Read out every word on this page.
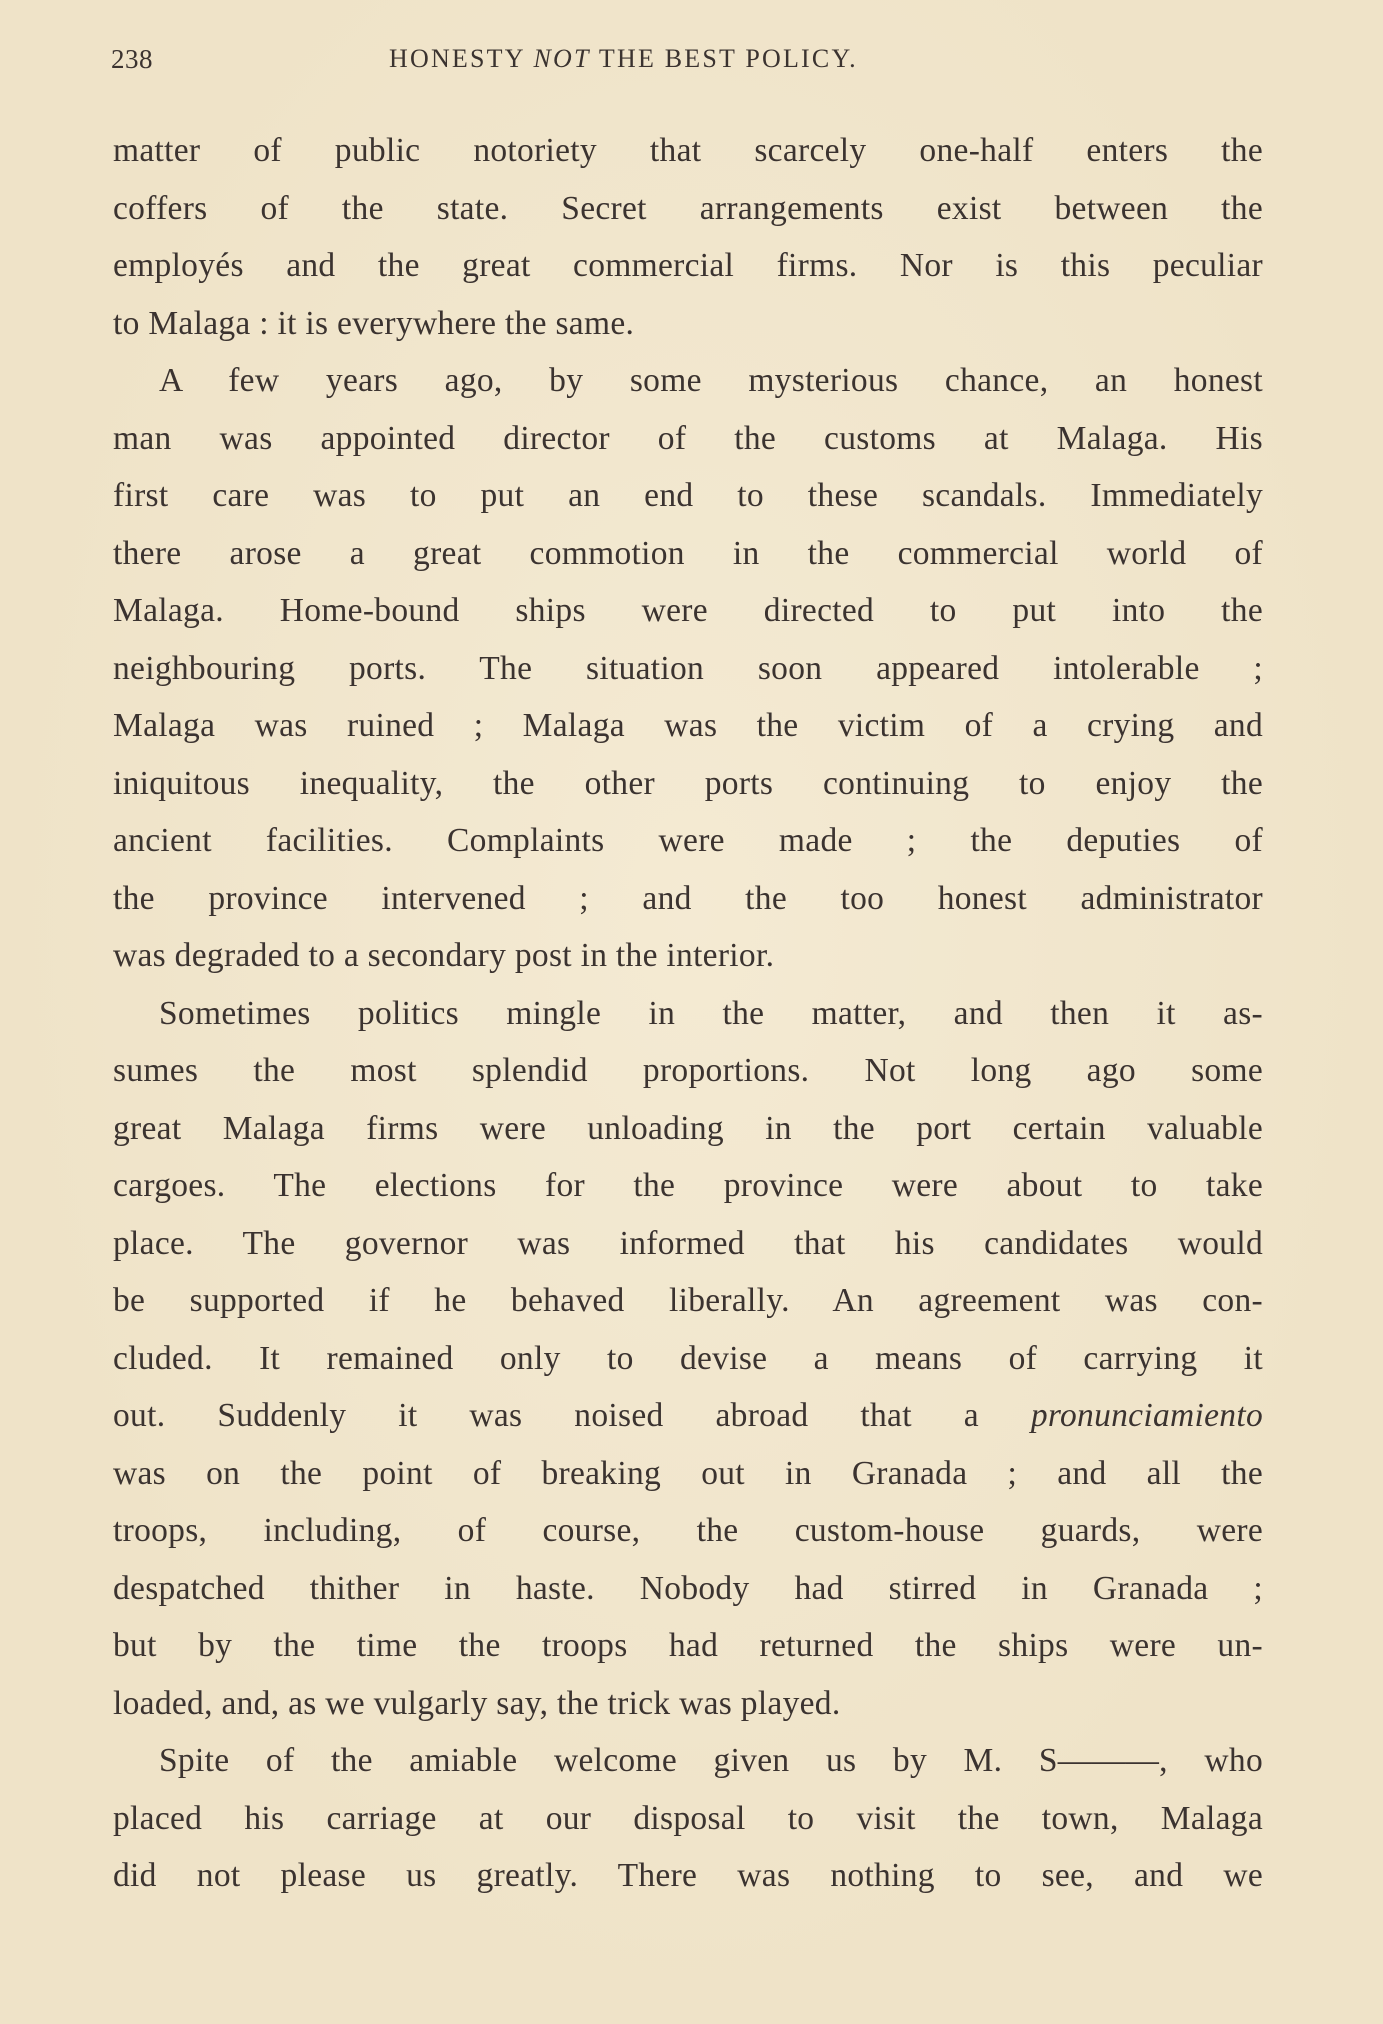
238	HONESTY NOT THE BEST POLICY.
matter of public notoriety that scarcely one-half enters the
coffers of the state. Secret arrangements exist between the
employés and the great commercial firms. Nor is this peculiar
to Malaga : it is everywhere the same.
A few years ago, by some mysterious chance, an honest
man was appointed director of the customs at Malaga. His
first care was to put an end to these scandals. Immediately
there arose a great commotion in the commercial world of
Malaga. Home-bound ships were directed to put into the
neighbouring ports. The situation soon appeared intolerable ;
Malaga was ruined ; Malaga was the victim of a crying and
iniquitous inequality, the other ports continuing to enjoy the
ancient facilities. Complaints were made ; the deputies of
the province intervened ; and the too honest administrator
was degraded to a secondary post in the interior.
Sometimes politics mingle in the matter, and then it as-
sumes the most splendid proportions. Not long ago some
great Malaga firms were unloading in the port certain valuable
cargoes. The elections for the province were about to take
place. The governor was informed that his candidates would
be supported if he behaved liberally. An agreement was con-
cluded. It remained only to devise a means of carrying it
out. Suddenly it was noised abroad that a pronunciamiento
was on the point of breaking out in Granada ; and all the
troops, including, of course, the custom-house guards, were
despatched thither in haste. Nobody had stirred in Granada ;
but by the time the troops had returned the ships were un-
loaded, and, as we vulgarly say, the trick was played.
Spite of the amiable welcome given us by M. S———, who
placed his carriage at our disposal to visit the town, Malaga
did not please us greatly. There was nothing to see, and we
